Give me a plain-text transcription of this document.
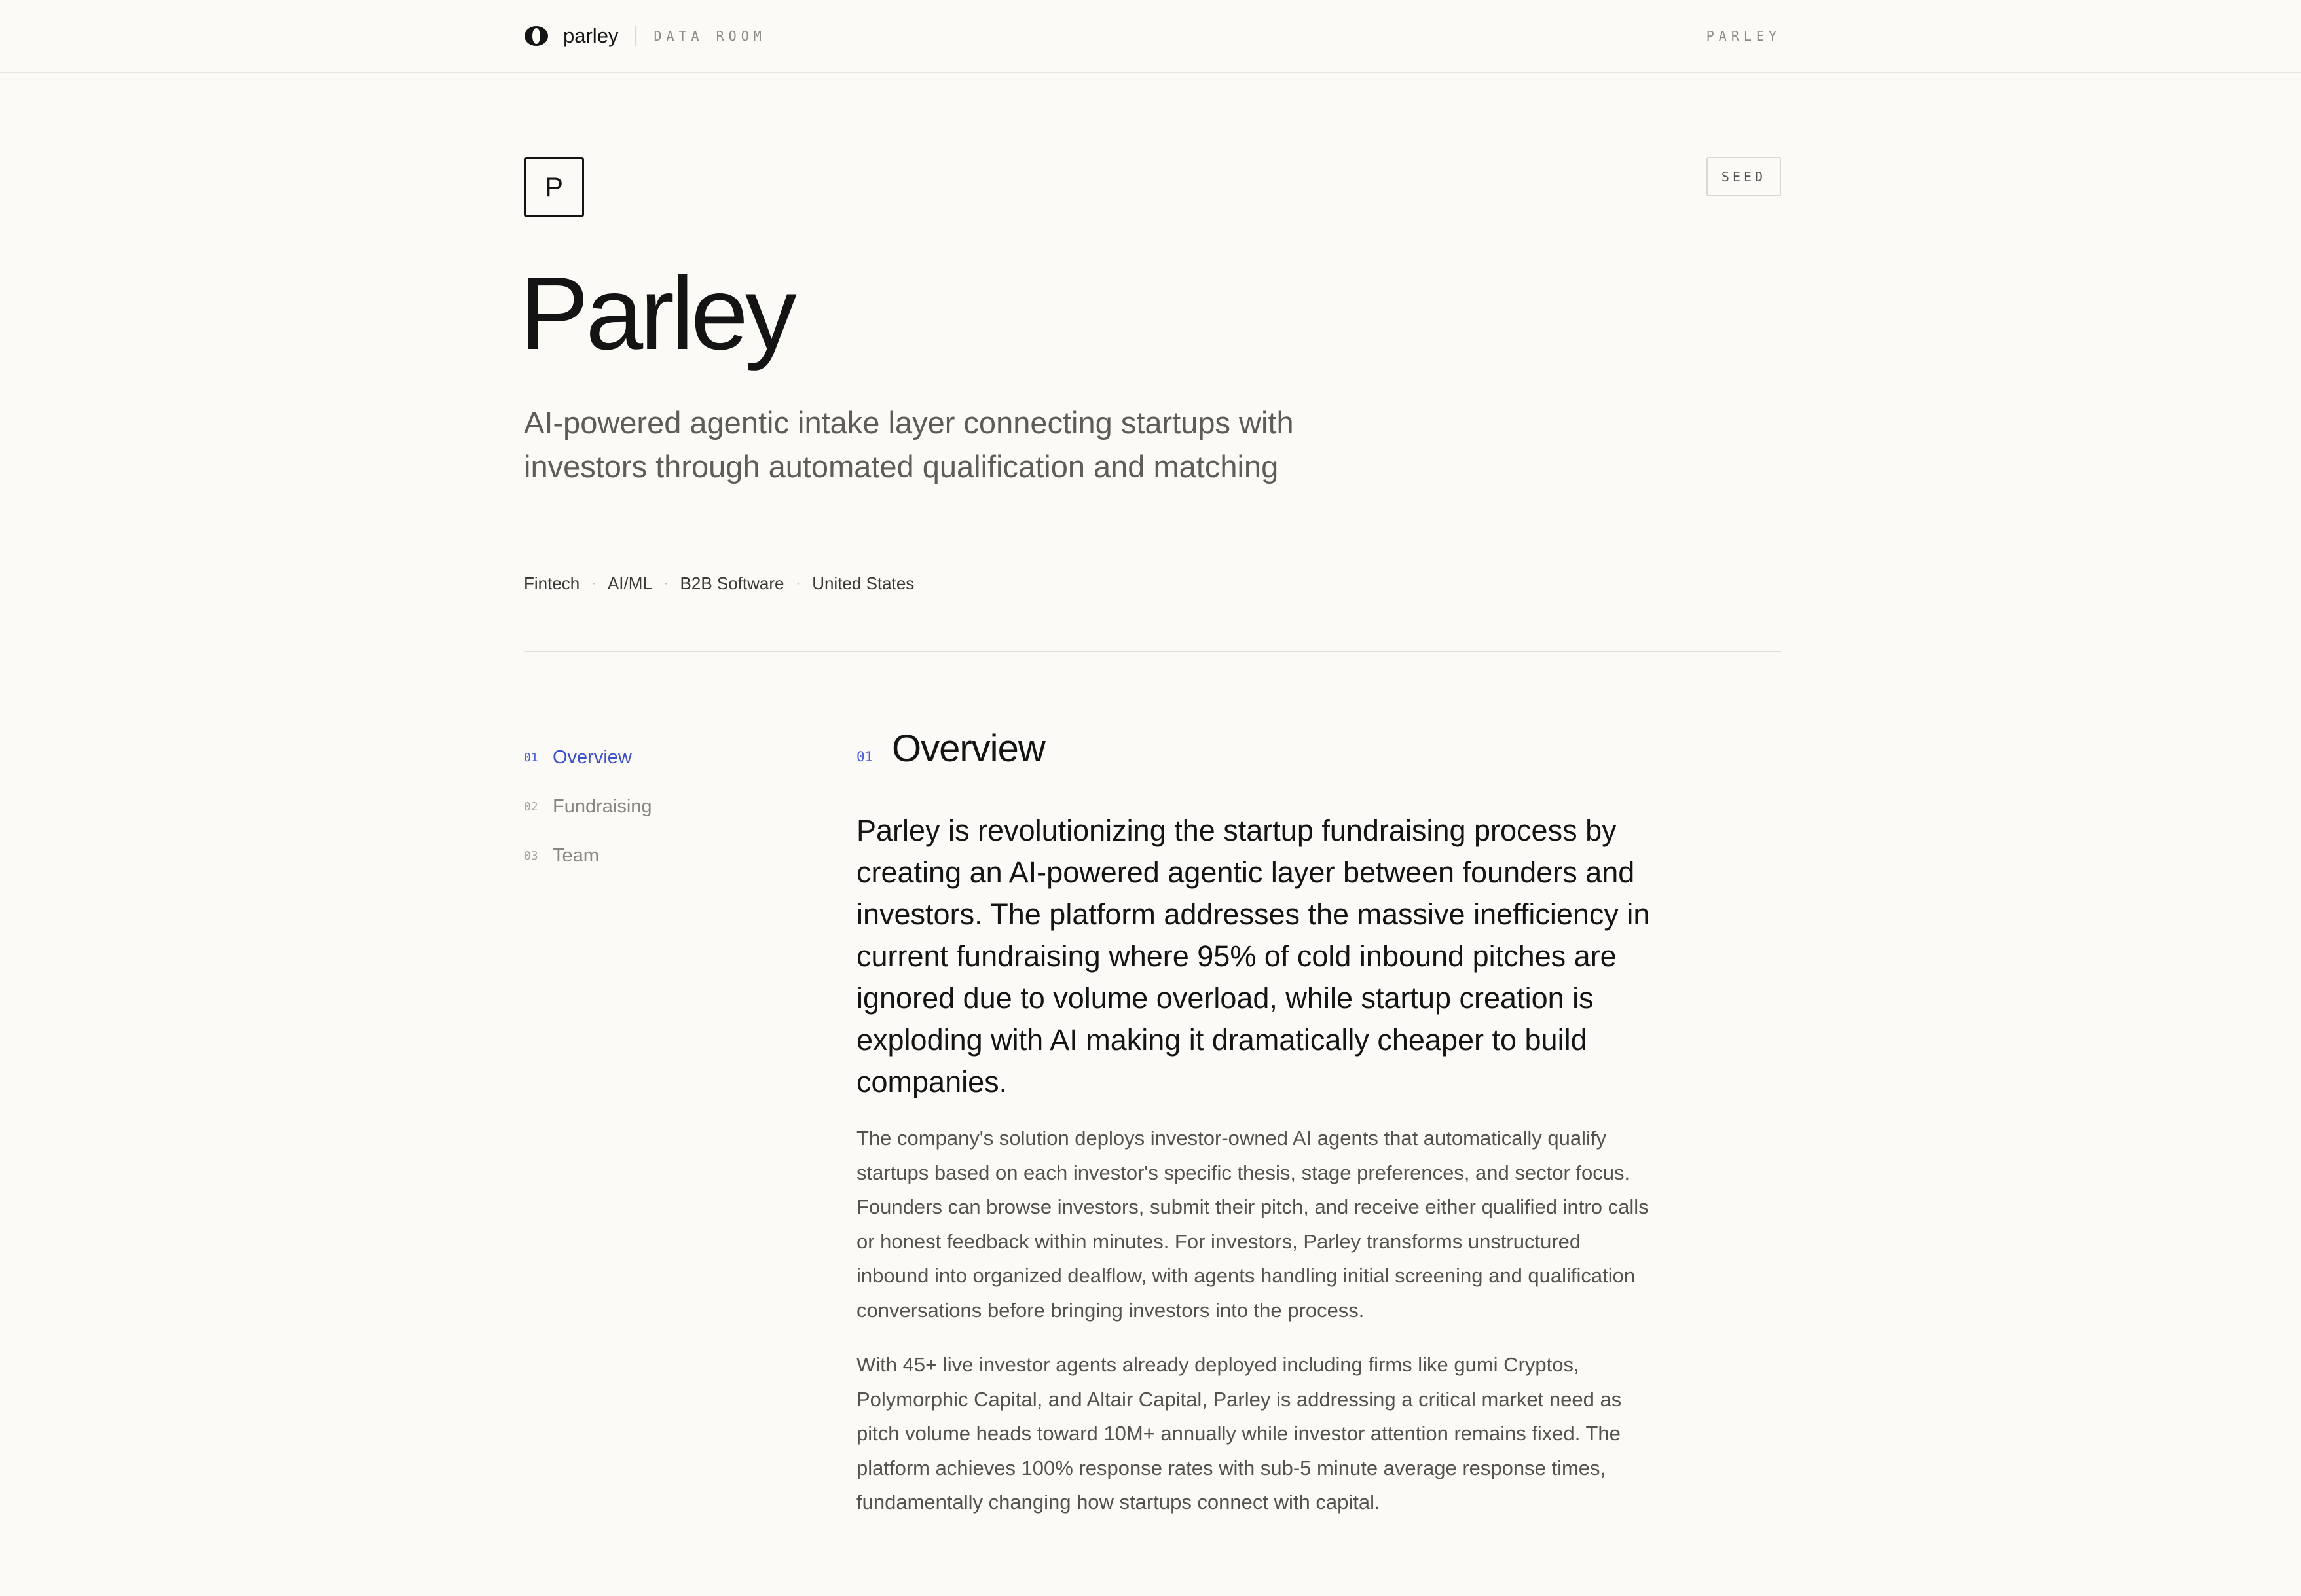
parley	DATA ROOM	PARLEY
P	SEED
Parley

AI-powered agentic intake layer connecting startups with investors through automated qualification and matching

Fintech · AI/ML · B2B Software · United States
01 Overview
02 Fundraising
03 Team
01 Overview

Parley is revolutionizing the startup fundraising process by creating an AI-powered agentic layer between founders and investors. The platform addresses the massive inefficiency in current fundraising where 95% of cold inbound pitches are ignored due to volume overload, while startup creation is exploding with AI making it dramatically cheaper to build companies.

The company's solution deploys investor-owned AI agents that automatically qualify startups based on each investor's specific thesis, stage preferences, and sector focus. Founders can browse investors, submit their pitch, and receive either qualified intro calls or honest feedback within minutes. For investors, Parley transforms unstructured inbound into organized dealflow, with agents handling initial screening and qualification conversations before bringing investors into the process.

With 45+ live investor agents already deployed including firms like gumi Cryptos, Polymorphic Capital, and Altair Capital, Parley is addressing a critical market need as pitch volume heads toward 10M+ annually while investor attention remains fixed. The platform achieves 100% response rates with sub-5 minute average response times, fundamentally changing how startups connect with capital.
